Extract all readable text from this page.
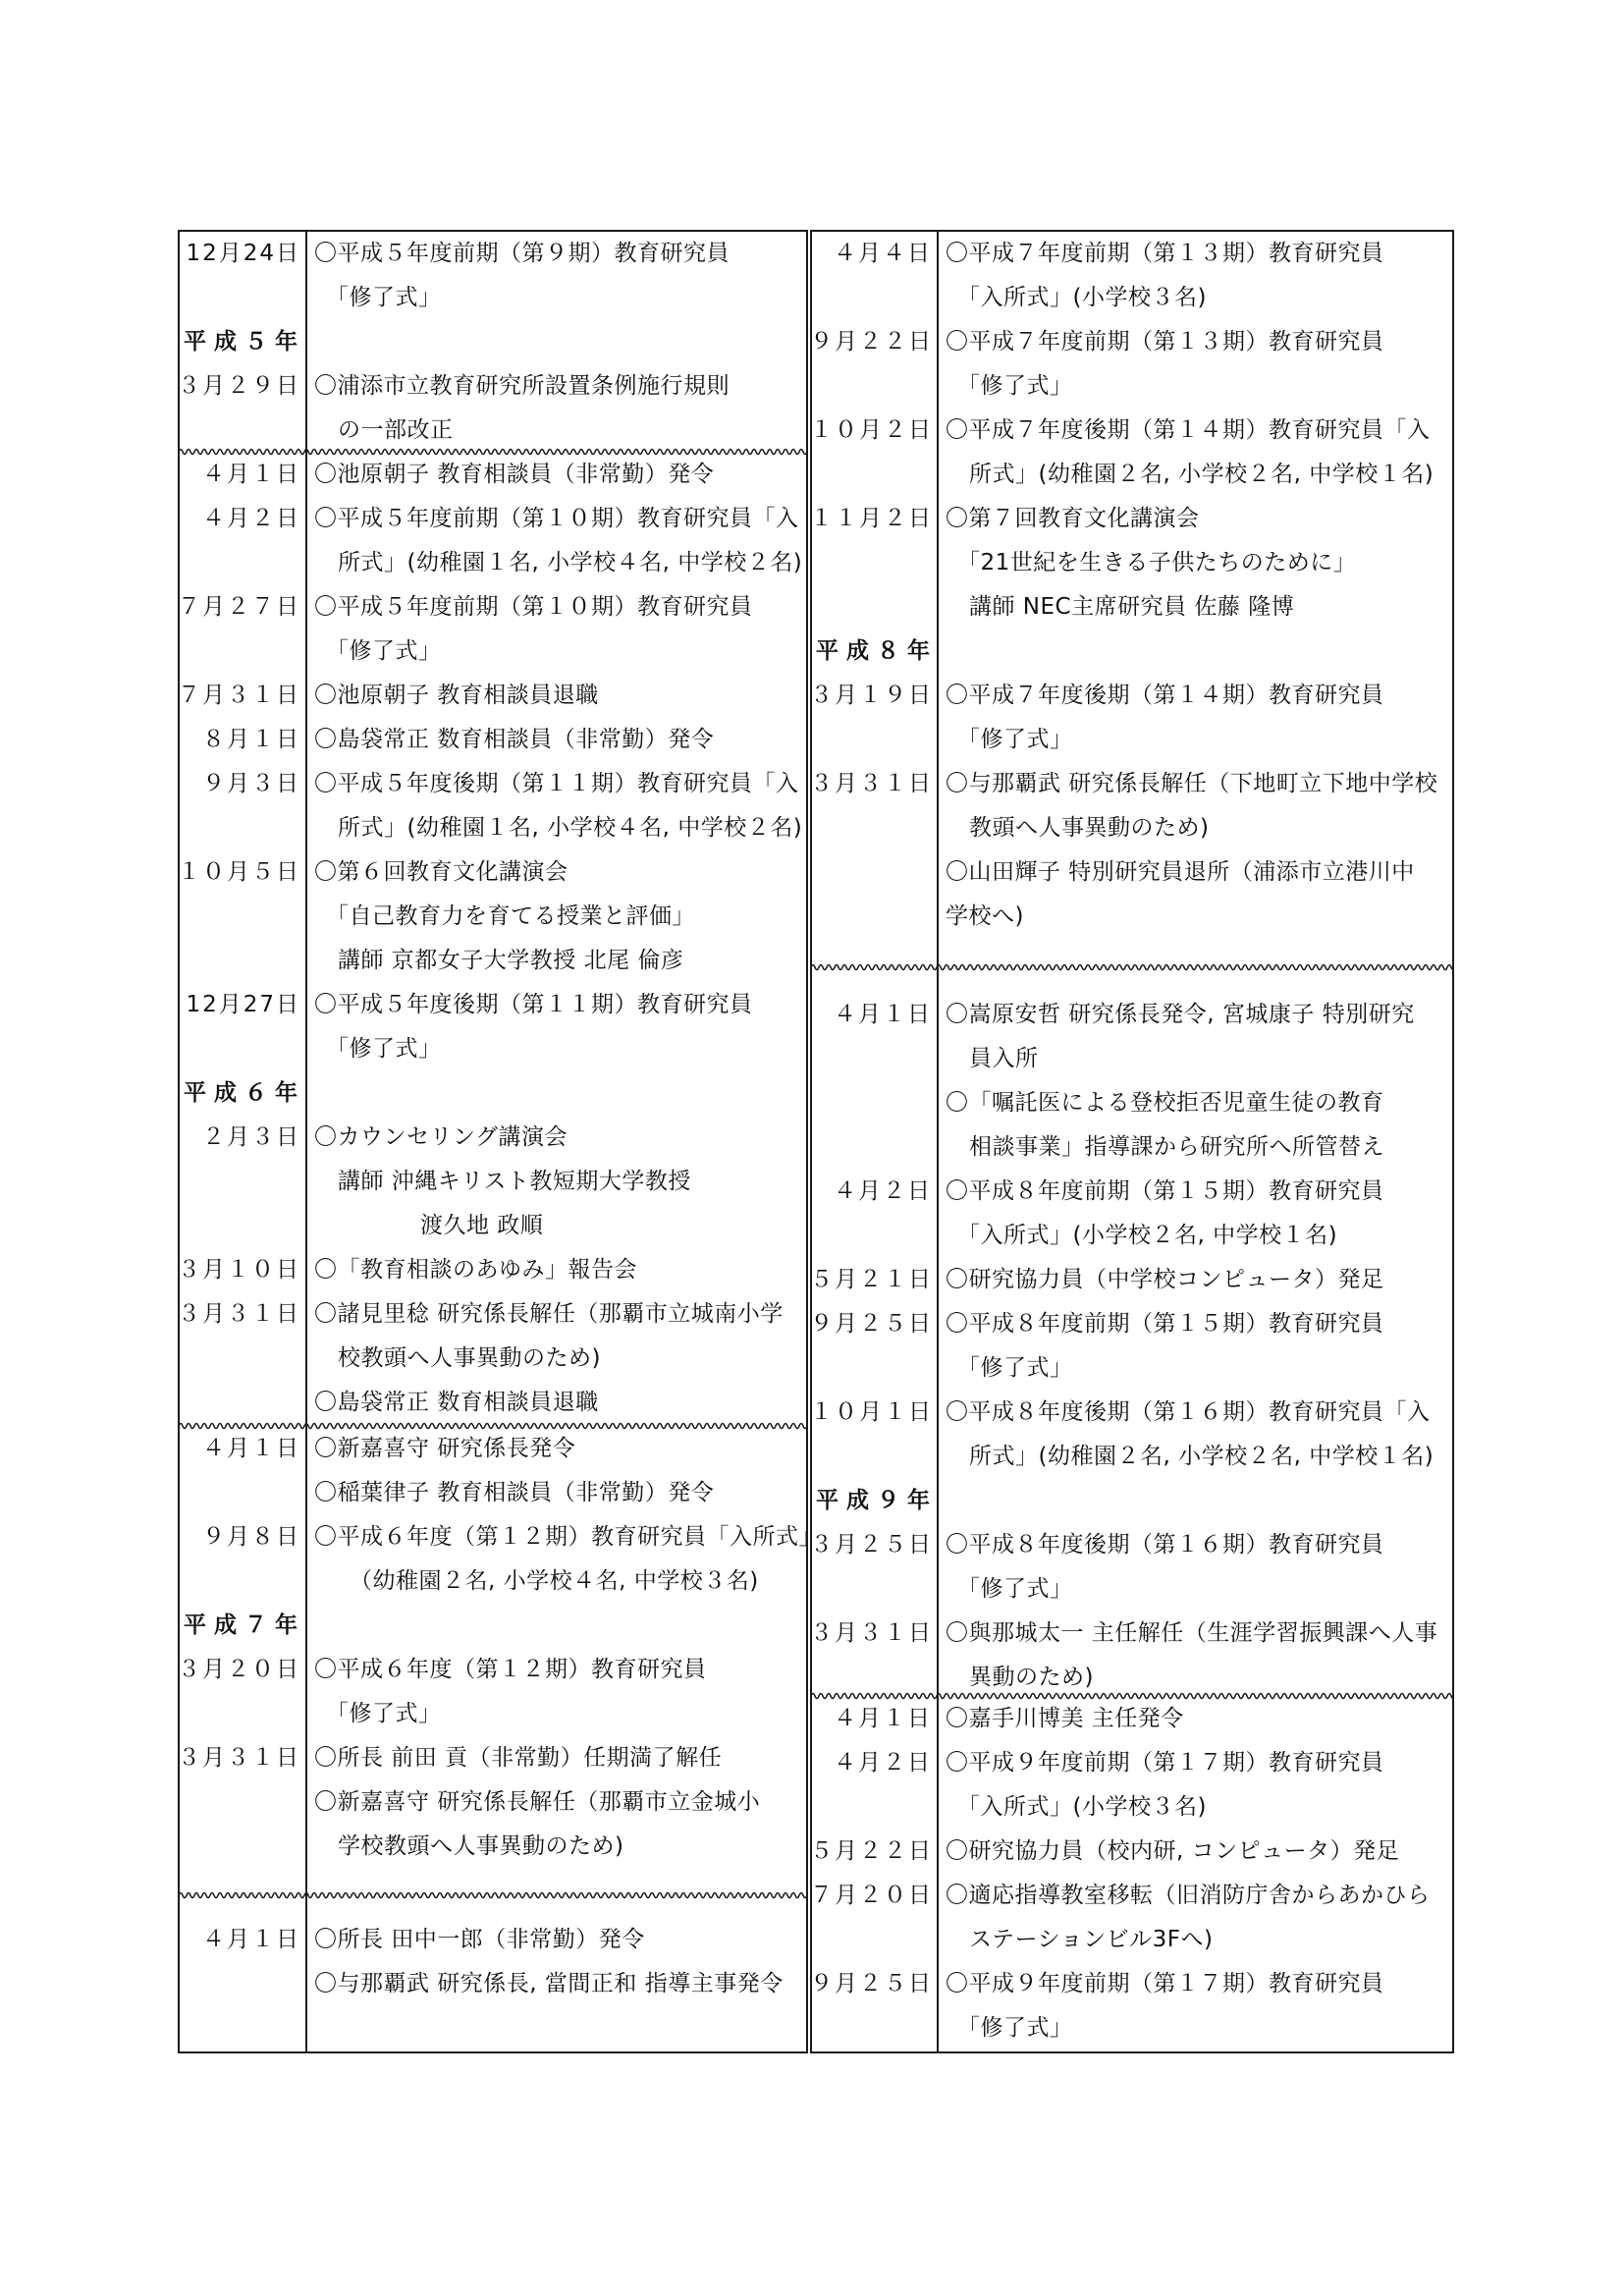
12月24日 〇平成５年度前期（第９期）教育研究員
「修了式」
平成５年
３月２９日 〇浦添市立教育研究所設置条例施行規則
の一部改正
４月１日 〇池原朝子 教育相談員（非常勤）発令
４月２日 〇平成５年度前期（第１０期）教育研究員「入
所式」(幼稚園１名, 小学校４名, 中学校２名)
７月２７日 〇平成５年度前期（第１０期）教育研究員
「修了式」
７月３１日 〇池原朝子 教育相談員退職
８月１日 〇島袋常正 数育相談員（非常勤）発令
９月３日 〇平成５年度後期（第１１期）教育研究員「入
所式」(幼稚園１名, 小学校４名, 中学校２名)
１０月５日 〇第６回教育文化講演会
「自己教育力を育てる授業と評価」
講師 京都女子大学教授 北尾 倫彦
12月27日 〇平成５年度後期（第１１期）教育研究員
「修了式」
平成６年
２月３日 〇カウンセリング講演会
講師 沖縄キリスト教短期大学教授
渡久地 政順
３月１０日 〇「教育相談のあゆみ」報告会
３月３１日 〇諸見里稔 研究係長解任（那覇市立城南小学
校教頭へ人事異動のため)
〇島袋常正 数育相談員退職
４月１日 〇新嘉喜守 研究係長発令
〇稲葉律子 教育相談員（非常勤）発令
９月８日 〇平成６年度（第１２期）教育研究員「入所式」
（幼稚園２名, 小学校４名, 中学校３名)
平成７年
３月２０日 〇平成６年度（第１２期）教育研究員
「修了式」
３月３１日 〇所長 前田 貢（非常勤）任期満了解任
〇新嘉喜守 研究係長解任（那覇市立金城小
学校教頭へ人事異動のため)
４月１日 〇所長 田中一郎（非常勤）発令
〇与那覇武 研究係長, 當間正和 指導主事発令
４月４日 〇平成７年度前期（第１３期）教育研究員
「入所式」(小学校３名)
９月２２日 〇平成７年度前期（第１３期）教育研究員
「修了式」
１０月２日 〇平成７年度後期（第１４期）教育研究員「入
所式」(幼稚園２名, 小学校２名, 中学校１名)
１１月２日 〇第７回教育文化講演会
「21世紀を生きる子供たちのために」
講師 NEC主席研究員 佐藤 隆博
平成８年
３月１９日 〇平成７年度後期（第１４期）教育研究員
「修了式」
３月３１日 〇与那覇武 研究係長解任（下地町立下地中学校
教頭へ人事異動のため)
〇山田輝子 特別研究員退所（浦添市立港川中
学校へ)
４月１日 〇嵩原安哲 研究係長発令, 宮城康子 特別研究
員入所
〇「嘱託医による登校拒否児童生徒の教育
相談事業」指導課から研究所へ所管替え
４月２日 〇平成８年度前期（第１５期）教育研究員
「入所式」(小学校２名, 中学校１名)
５月２１日 〇研究協力員（中学校コンピュータ）発足
９月２５日 〇平成８年度前期（第１５期）教育研究員
「修了式」
１０月１日 〇平成８年度後期（第１６期）教育研究員「入
所式」(幼稚園２名, 小学校２名, 中学校１名)
平成９年
３月２５日 〇平成８年度後期（第１６期）教育研究員
「修了式」
３月３１日 〇與那城太一 主任解任（生涯学習振興課へ人事
異動のため)
４月１日 〇嘉手川博美 主任発令
４月２日 〇平成９年度前期（第１７期）教育研究員
「入所式」(小学校３名)
５月２２日 〇研究協力員（校内研, コンピュータ）発足
７月２０日 〇適応指導教室移転（旧消防庁舎からあかひら
ステーションビル3Fへ)
９月２５日 〇平成９年度前期（第１７期）教育研究員
「修了式」
